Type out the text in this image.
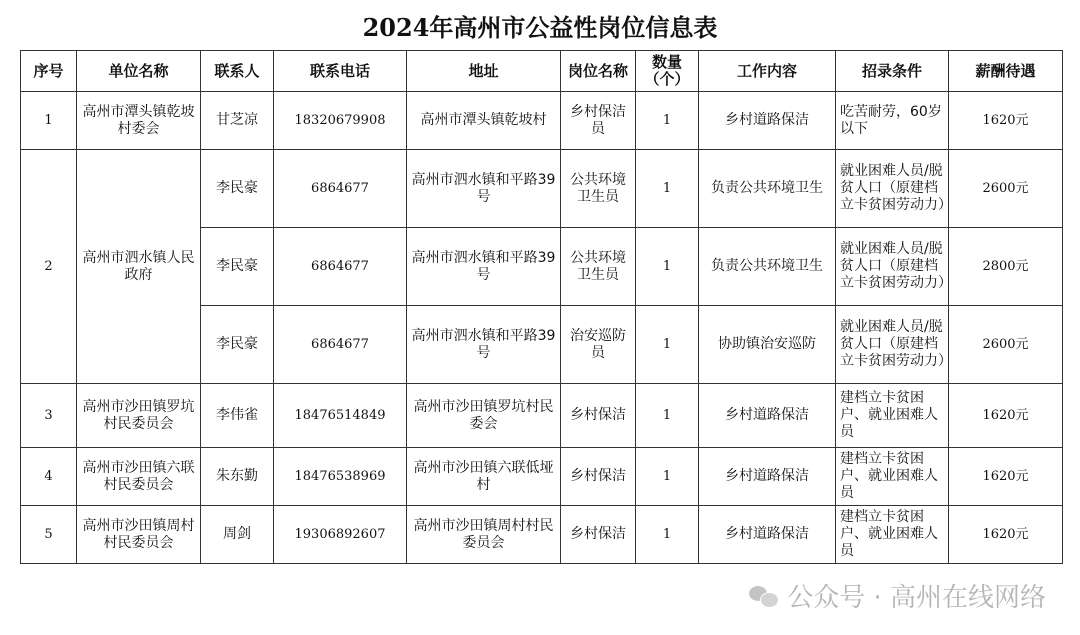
2024年高州市公益性岗位信息表
序号	单位名称	联系人	联系电话	地址	岗位名称	数量（个）	工作内容	招录条件	薪酬待遇
1	高州市潭头镇乾坡村委会	甘芝凉	18320679908	高州市潭头镇乾坡村	乡村保洁员	1	乡村道路保洁	吃苦耐劳，60岁以下	1620元
2	高州市泗水镇人民政府	李民豪	6864677	高州市泗水镇和平路39号	公共环境卫生员	1	负责公共环境卫生	就业困难人员/脱贫人口（原建档立卡贫困劳动力）	2600元
		李民豪	6864677	高州市泗水镇和平路39号	公共环境卫生员	1	负责公共环境卫生	就业困难人员/脱贫人口（原建档立卡贫困劳动力）	2800元
		李民豪	6864677	高州市泗水镇和平路39号	治安巡防员	1	协助镇治安巡防	就业困难人员/脱贫人口（原建档立卡贫困劳动力）	2600元
3	高州市沙田镇罗坑村民委员会	李伟雀	18476514849	高州市沙田镇罗坑村民委会	乡村保洁	1	乡村道路保洁	建档立卡贫困户、就业困难人员	1620元
4	高州市沙田镇六联村民委员会	朱东勤	18476538969	高州市沙田镇六联低垭村	乡村保洁	1	乡村道路保洁	建档立卡贫困户、就业困难人员	1620元
5	高州市沙田镇周村村民委员会	周剑	19306892607	高州市沙田镇周村村民委员会	乡村保洁	1	乡村道路保洁	建档立卡贫困户、就业困难人员	1620元
公众号 · 高州在线网络
